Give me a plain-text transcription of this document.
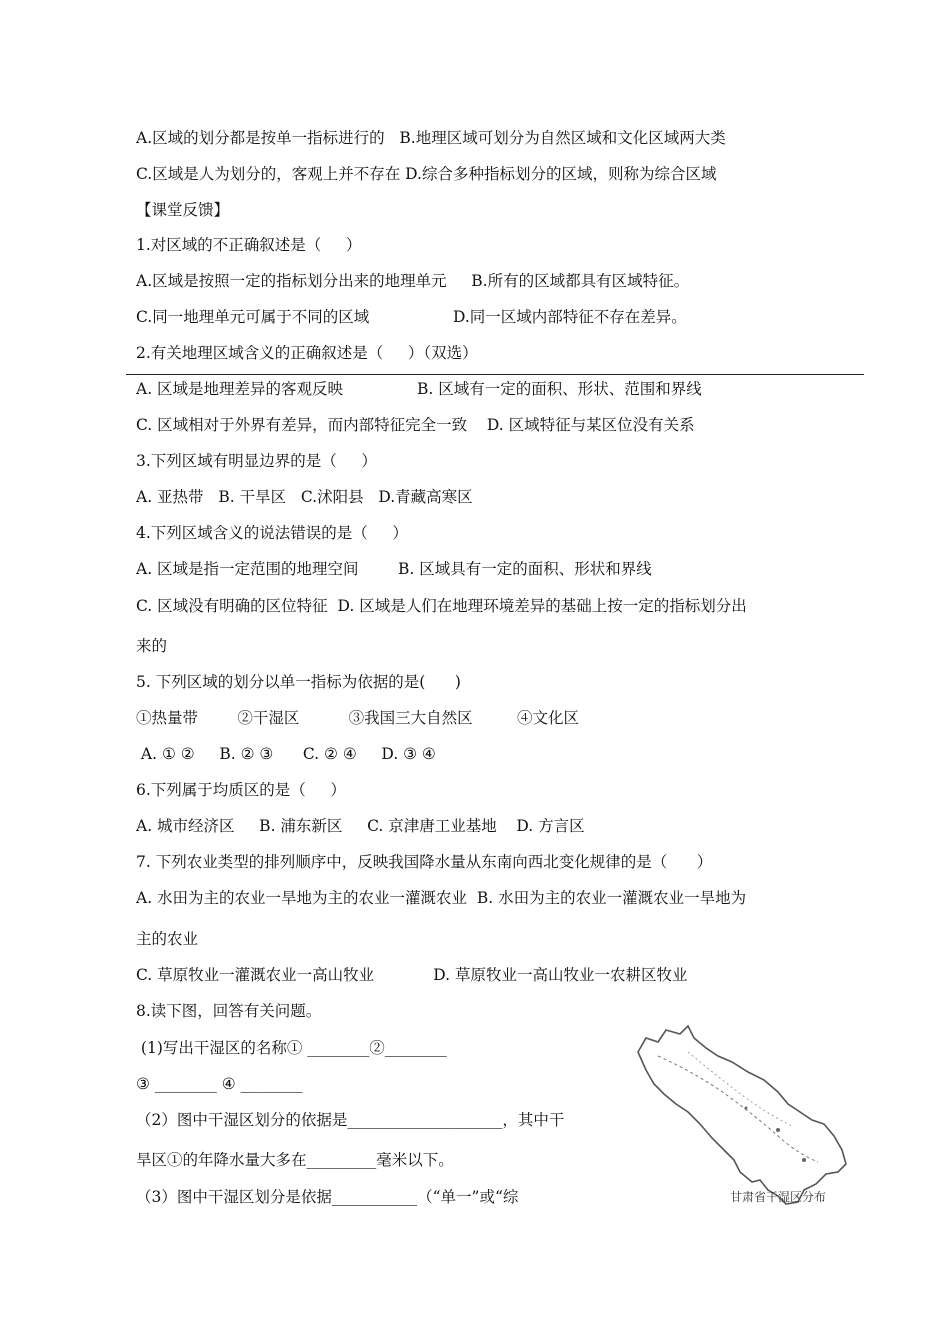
A.区域的划分都是按单一指标进行的   B.地理区域可划分为自然区域和文化区域两大类
C.区域是人为划分的，客观上并不存在 D.综合多种指标划分的区域，则称为综合区域
【课堂反馈】
1.对区域的不正确叙述是（     ）
A.区域是按照一定的指标划分出来的地理单元     B.所有的区域都具有区域特征。
C.同一地理单元可属于不同的区域                 D.同一区域内部特征不存在差异。
2.有关地理区域含义的正确叙述是（     ）（双选）
A. 区域是地理差异的客观反映               B. 区域有一定的面积、形状、范围和界线
C. 区域相对于外界有差异，而内部特征完全一致    D. 区域特征与某区位没有关系
3.下列区域有明显边界的是（     ）
A. 亚热带   B. 干旱区   C.沭阳县   D.青藏高寒区
4.下列区域含义的说法错误的是（     ）
A. 区域是指一定范围的地理空间        B. 区域具有一定的面积、形状和界线
C. 区域没有明确的区位特征  D. 区域是人们在地理环境差异的基础上按一定的指标划分出
来的
5. 下列区域的划分以单一指标为依据的是(      )
①热量带        ②干湿区          ③我国三大自然区         ④文化区
A. ① ②     B. ② ③      C. ② ④     D. ③ ④
6.下列属于均质区的是（     ）
A. 城市经济区     B. 浦东新区     C. 京津唐工业基地    D. 方言区
7. 下列农业类型的排列顺序中，反映我国降水量从东南向西北变化规律的是（      ）
A. 水田为主的农业一旱地为主的农业一灌溉农业  B. 水田为主的农业一灌溉农业一旱地为
主的农业
C. 草原牧业一灌溉农业一高山牧业            D. 草原牧业一高山牧业一农耕区牧业
8.读下图，回答有关问题。
(1)写出干湿区的名称① ________②________
③ ________ ④ ________
（2）图中干湿区划分的依据是____________________，其中干
旱区①的年降水量大多在_________毫米以下。
（3）图中干湿区划分是依据___________（“单一”或“综	甘肃省干湿区分布
